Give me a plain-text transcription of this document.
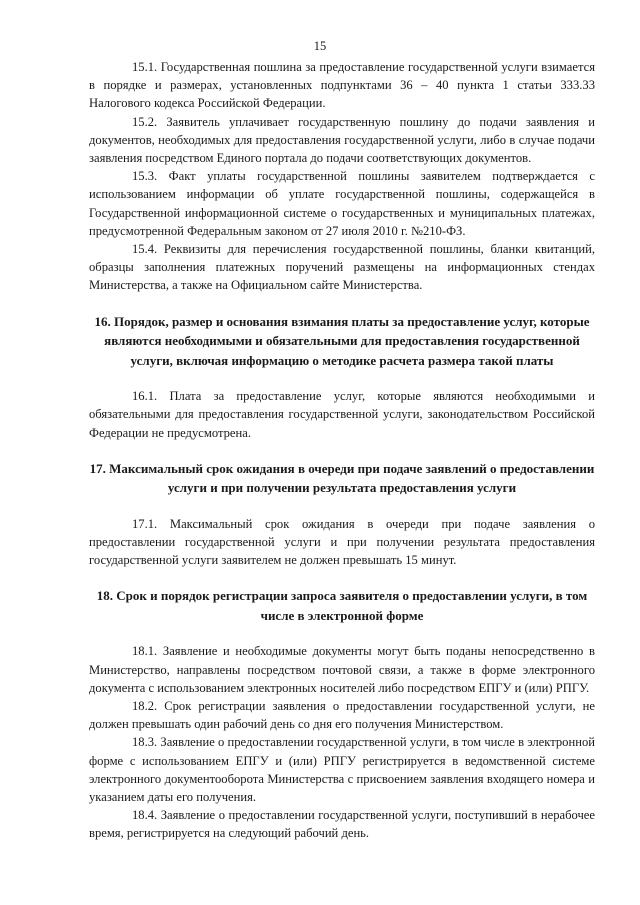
15

15.1. Государственная пошлина за предоставление государственной услуги взимается в порядке и размерах, установленных подпунктами 36 – 40 пункта 1 статьи 333.33 Налогового кодекса Российской Федерации.

15.2. Заявитель уплачивает государственную пошлину до подачи заявления и документов, необходимых для предоставления государственной услуги, либо в случае подачи заявления посредством Единого портала до подачи соответствующих документов.

15.3. Факт уплаты государственной пошлины заявителем подтверждается с использованием информации об уплате государственной пошлины, содержащейся в Государственной информационной системе о государственных и муниципальных платежах, предусмотренной Федеральным законом от 27 июля 2010 г. №210-ФЗ.

15.4. Реквизиты для перечисления государственной пошлины, бланки квитанций, образцы заполнения платежных поручений размещены на информационных стендах Министерства, а также на Официальном сайте Министерства.

16. Порядок, размер и основания взимания платы за предоставление услуг, которые являются необходимыми и обязательными для предоставления государственной услуги, включая информацию о методике расчета размера такой платы

16.1. Плата за предоставление услуг, которые являются необходимыми и обязательными для предоставления государственной услуги, законодательством Российской Федерации не предусмотрена.

17. Максимальный срок ожидания в очереди при подаче заявлений о предоставлении услуги и при получении результата предоставления услуги

17.1. Максимальный срок ожидания в очереди при подаче заявления о предоставлении государственной услуги и при получении результата предоставления государственной услуги заявителем не должен превышать 15 минут.

18. Срок и порядок регистрации запроса заявителя о предоставлении услуги, в том числе в электронной форме

18.1. Заявление и необходимые документы могут быть поданы непосредственно в Министерство, направлены посредством почтовой связи, а также в форме электронного документа с использованием электронных носителей либо посредством ЕПГУ и (или) РПГУ.

18.2. Срок регистрации заявления о предоставлении государственной услуги, не должен превышать один рабочий день со дня его получения Министерством.

18.3. Заявление о предоставлении государственной услуги, в том числе в электронной форме с использованием ЕПГУ и (или) РПГУ регистрируется в ведомственной системе электронного документооборота Министерства с присвоением заявления входящего номера и указанием даты его получения.

18.4. Заявление о предоставлении государственной услуги, поступивший в нерабочее время, регистрируется на следующий рабочий день.
